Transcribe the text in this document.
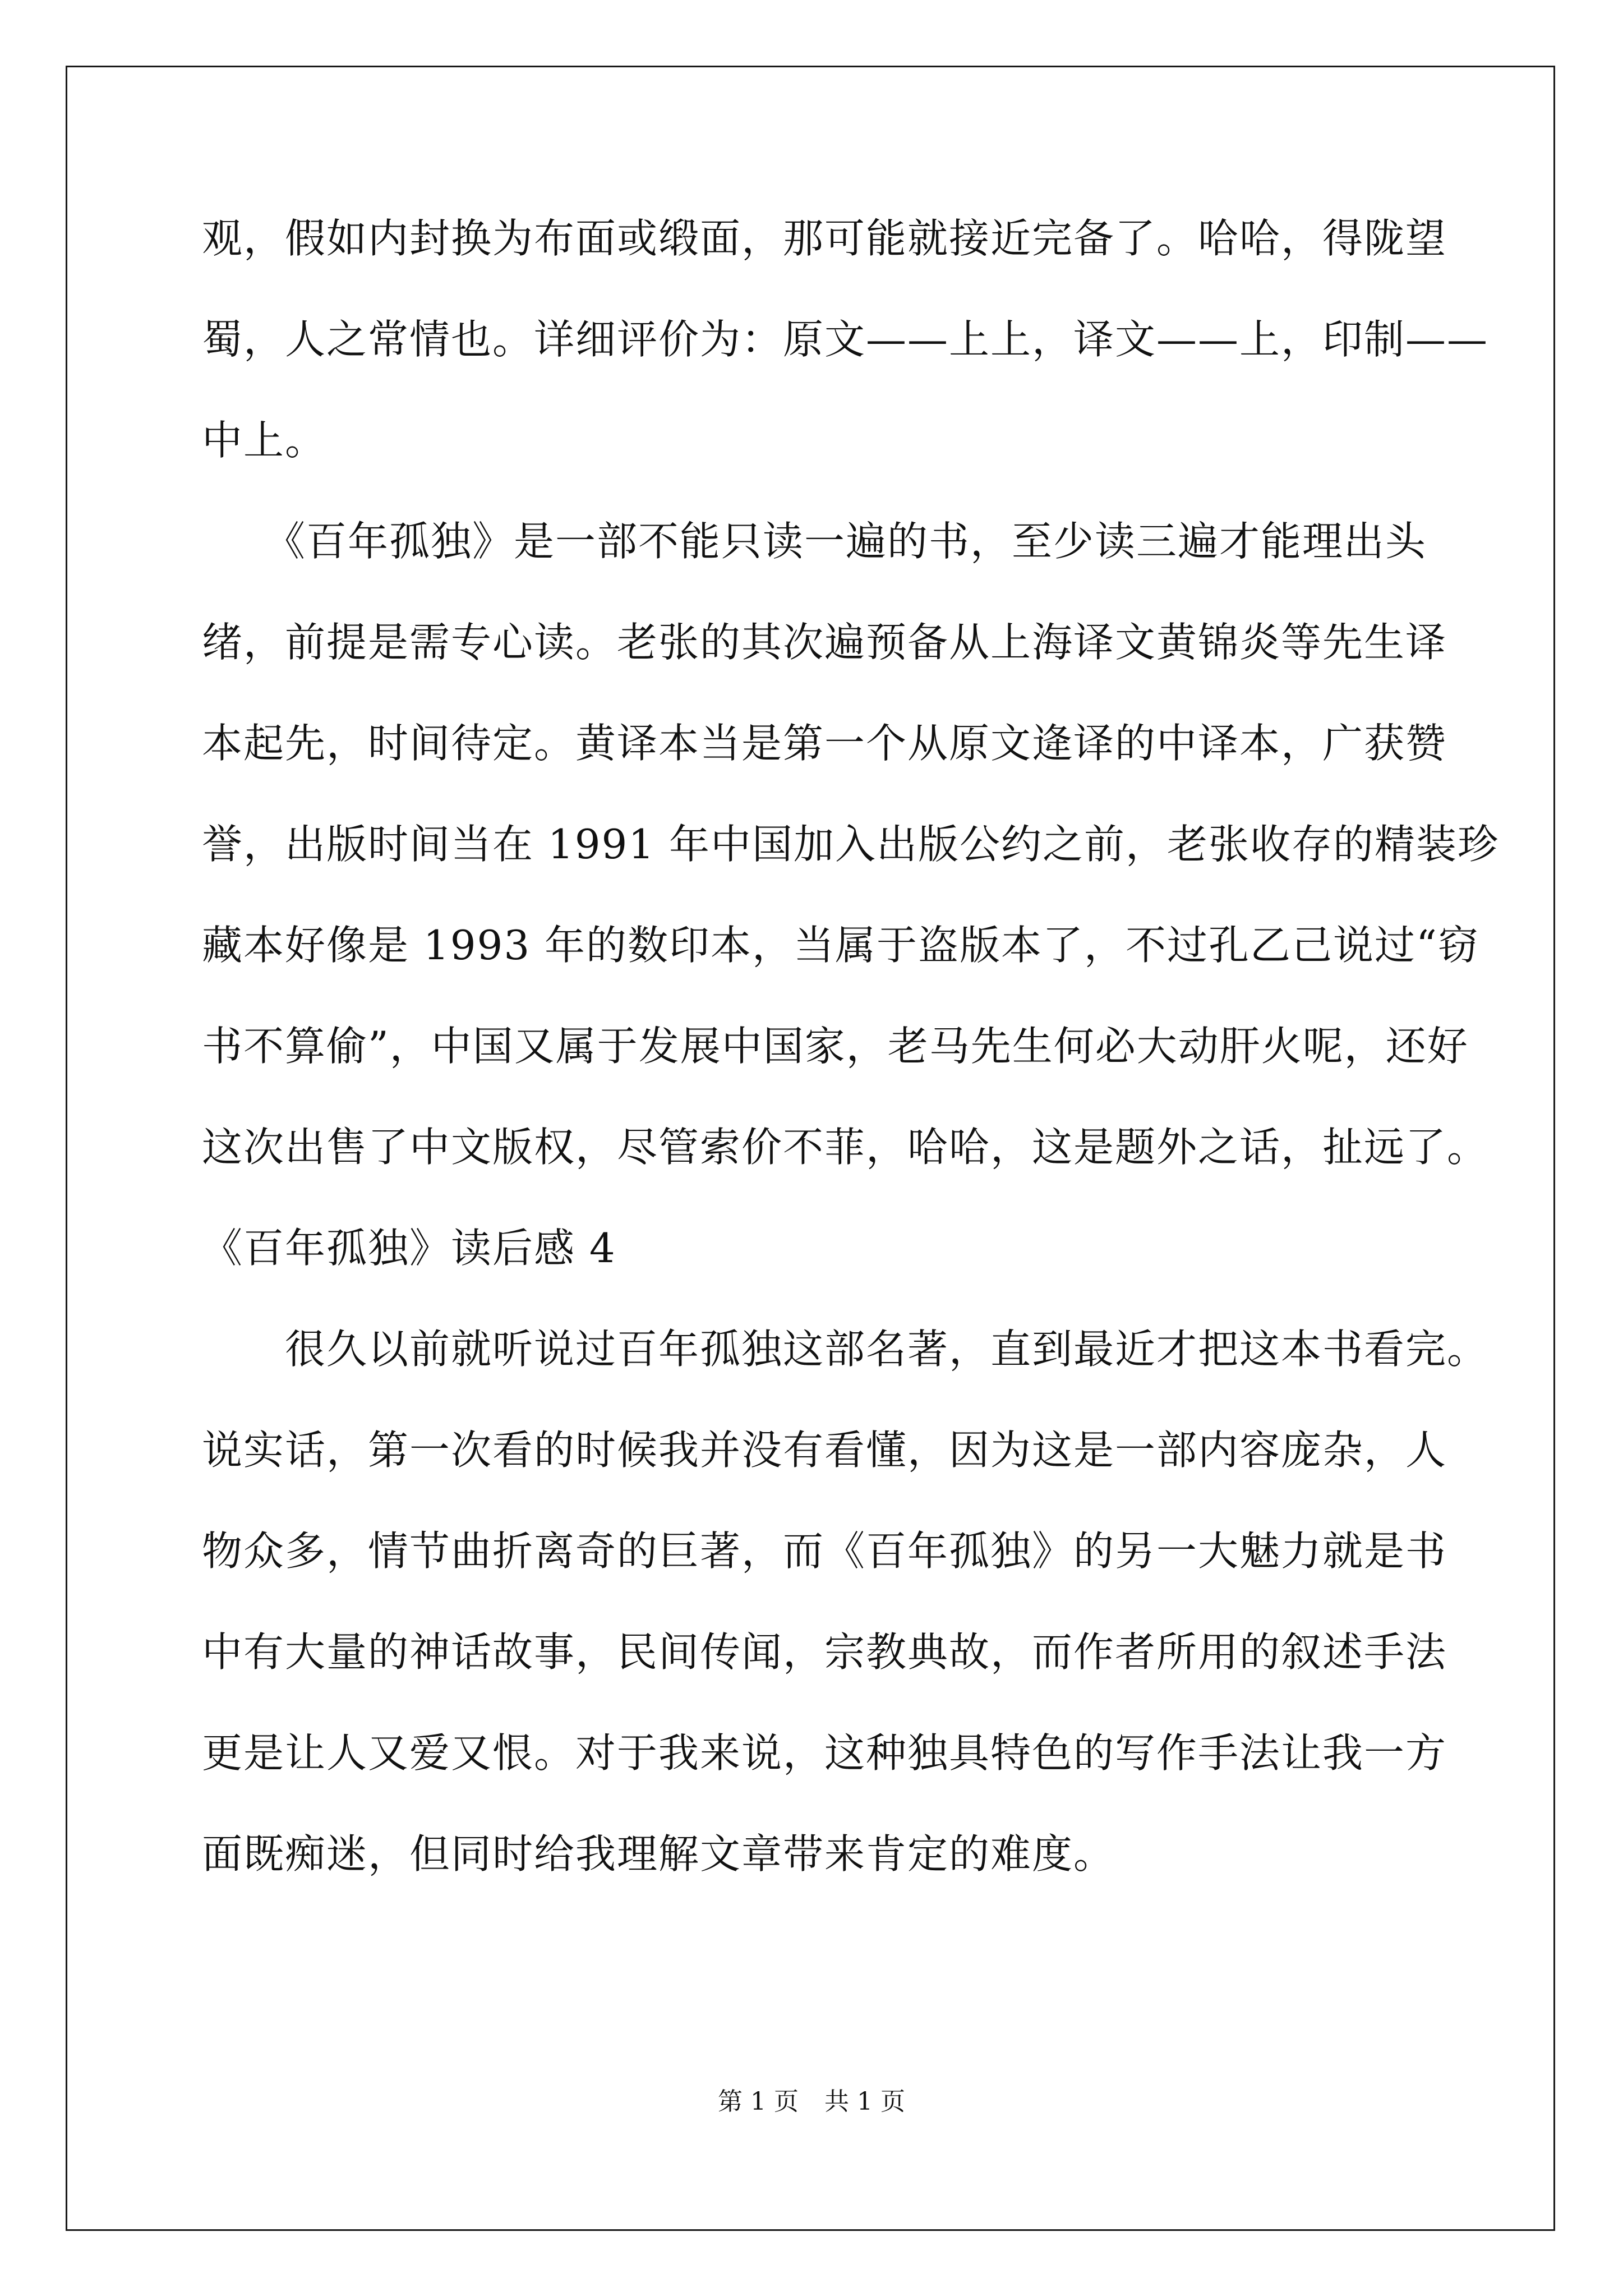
观，假如内封换为布面或缎面，那可能就接近完备了。哈哈，得陇望
蜀，人之常情也。详细评价为：原文——上上，译文——上，印制——
中上。
　　《百年孤独》是一部不能只读一遍的书，至少读三遍才能理出头
绪，前提是需专心读。老张的其次遍预备从上海译文黄锦炎等先生译
本起先，时间待定。黄译本当是第一个从原文逄译的中译本，广获赞
誉，出版时间当在 1991 年中国加入出版公约之前，老张收存的精装珍
藏本好像是 1993 年的数印本，当属于盗版本了，不过孔乙己说过“窃
书不算偷”，中国又属于发展中国家，老马先生何必大动肝火呢，还好
这次出售了中文版权，尽管索价不菲，哈哈，这是题外之话，扯远了。
《百年孤独》读后感 4
　　很久以前就听说过百年孤独这部名著，直到最近才把这本书看完。
说实话，第一次看的时候我并没有看懂，因为这是一部内容庞杂，人
物众多，情节曲折离奇的巨著，而《百年孤独》的另一大魅力就是书
中有大量的神话故事，民间传闻，宗教典故，而作者所用的叙述手法
更是让人又爱又恨。对于我来说，这种独具特色的写作手法让我一方
面既痴迷，但同时给我理解文章带来肯定的难度。
第 1 页 共 1 页
